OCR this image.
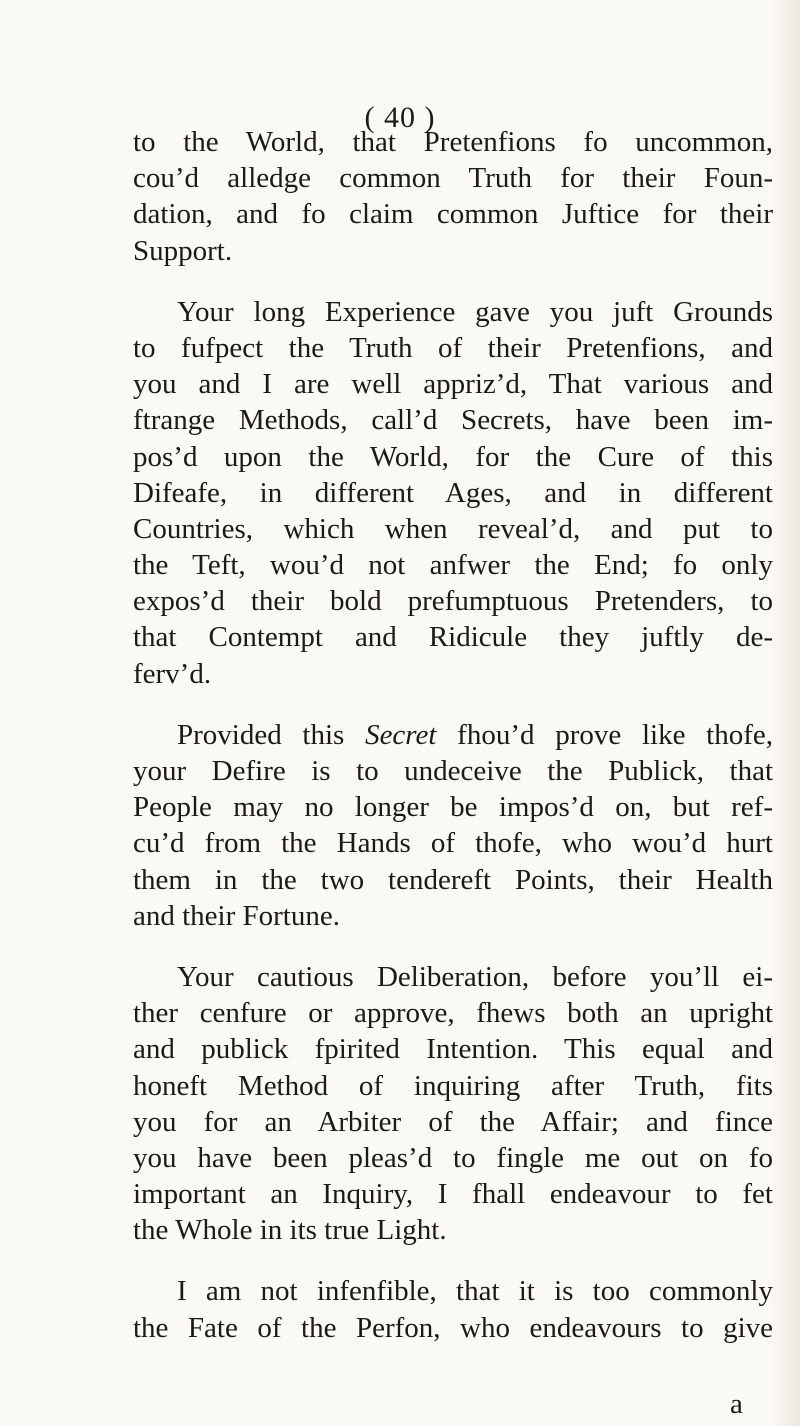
( 40 )
to the World, that Pretenfions fo uncommon,
cou’d alledge common Truth for their Foun-
dation, and fo claim common Juftice for their
Support.
Your long Experience gave you juft Grounds
to fufpect the Truth of their Pretenfions, and
you and I are well appriz’d, That various and
ftrange Methods, call’d Secrets, have been im-
pos’d upon the World, for the Cure of this
Difeafe, in different Ages, and in different
Countries, which when reveal’d, and put to
the Teft, wou’d not anfwer the End; fo only
expos’d their bold prefumptuous Pretenders, to
that Contempt and Ridicule they juftly de-
ferv’d.
Provided this Secret fhou’d prove like thofe,
your Defire is to undeceive the Publick, that
People may no longer be impos’d on, but ref-
cu’d from the Hands of thofe, who wou’d hurt
them in the two tendereft Points, their Health
and their Fortune.
Your cautious Deliberation, before you’ll ei-
ther cenfure or approve, fhews both an upright
and publick fpirited Intention. This equal and
honeft Method of inquiring after Truth, fits
you for an Arbiter of the Affair; and fince
you have been pleas’d to fingle me out on fo
important an Inquiry, I fhall endeavour to fet
the Whole in its true Light.
I am not infenfible, that it is too commonly
the Fate of the Perfon, who endeavours to give
a
